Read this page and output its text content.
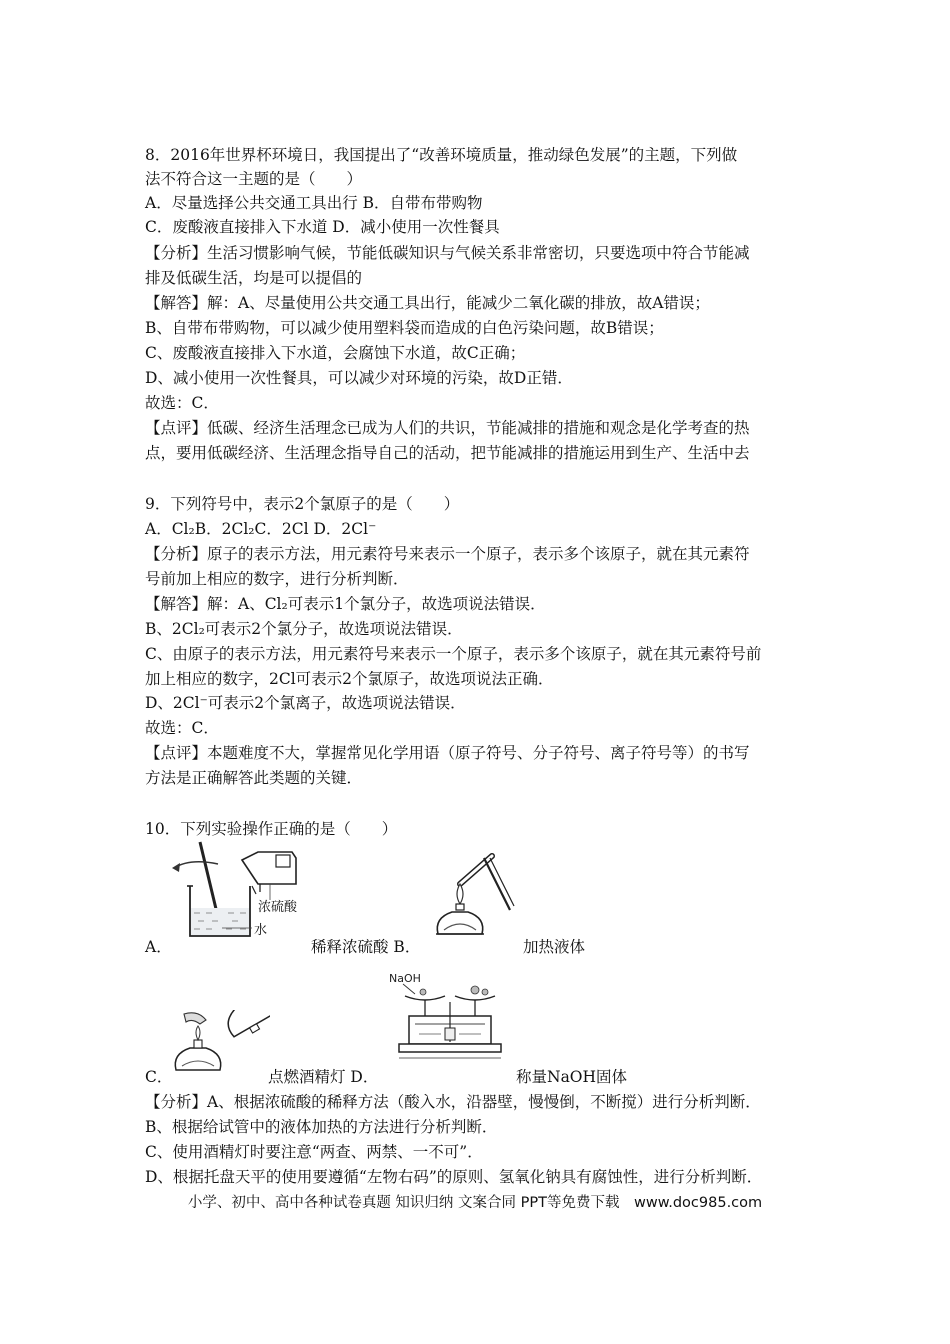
8．2016年世界杯环境日，我国提出了“改善环境质量，推动绿色发展”的主题，下列做
法不符合这一主题的是（　　）
A．尽量选择公共交通工具出行 B．自带布带购物
C．废酸液直接排入下水道 D．减小使用一次性餐具
【分析】生活习惯影响气候，节能低碳知识与气候关系非常密切，只要选项中符合节能减
排及低碳生活，均是可以提倡的
【解答】解：A、尽量使用公共交通工具出行，能减少二氧化碳的排放，故A错误；
B、自带布带购物，可以减少使用塑料袋而造成的白色污染问题，故B错误；
C、废酸液直接排入下水道，会腐蚀下水道，故C正确；
D、减小使用一次性餐具，可以减少对环境的污染，故D正错．
故选：C．
【点评】低碳、经济生活理念已成为人们的共识，节能减排的措施和观念是化学考查的热
点，要用低碳经济、生活理念指导自己的活动，把节能减排的措施运用到生产、生活中去
9．下列符号中，表示2个氯原子的是（　　）
A．Cl₂B．2Cl₂C．2Cl D．2Cl⁻
【分析】原子的表示方法，用元素符号来表示一个原子，表示多个该原子，就在其元素符
号前加上相应的数字，进行分析判断．
【解答】解：A、Cl₂可表示1个氯分子，故选项说法错误．
B、2Cl₂可表示2个氯分子，故选项说法错误．
C、由原子的表示方法，用元素符号来表示一个原子，表示多个该原子，就在其元素符号前
加上相应的数字，2Cl可表示2个氯原子，故选项说法正确．
D、2Cl⁻可表示2个氯离子，故选项说法错误．
故选：C．
【点评】本题难度不大，掌握常见化学用语（原子符号、分子符号、离子符号等）的书写
方法是正确解答此类题的关键．
10．下列实验操作正确的是（　　）
浓硫酸
水
A．	稀释浓硫酸 B．	加热液体
NaOH
C．	点燃酒精灯 D．	称量NaOH固体
【分析】A、根据浓硫酸的稀释方法（酸入水，沿器壁，慢慢倒，不断搅）进行分析判断．
B、根据给试管中的液体加热的方法进行分析判断．
C、使用酒精灯时要注意“两查、两禁、一不可”．
D、根据托盘天平的使用要遵循“左物右码”的原则、氢氧化钠具有腐蚀性，进行分析判断．
小学、初中、高中各种试卷真题 知识归纳 文案合同 PPT等免费下载　www.doc985.com
